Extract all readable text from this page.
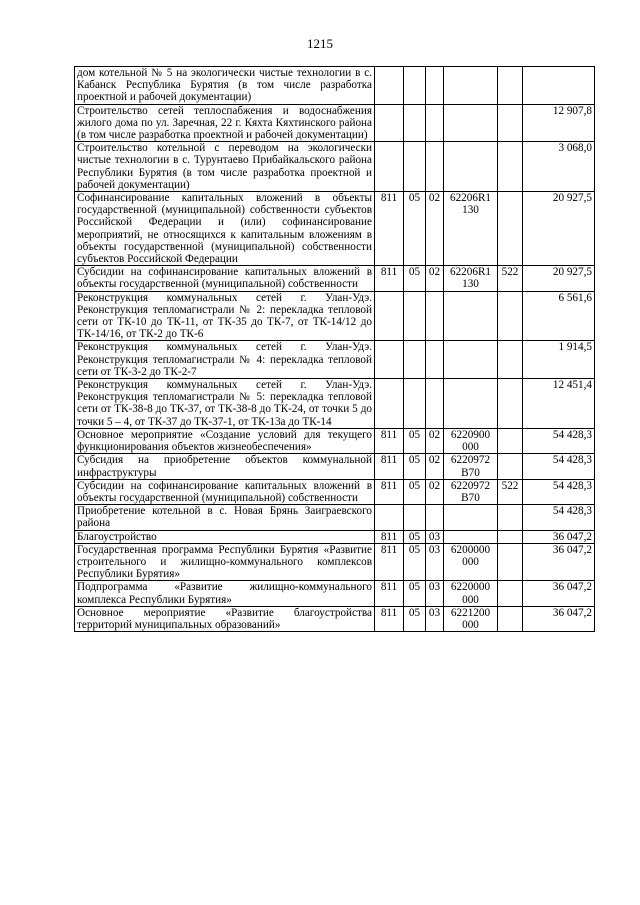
1215
дом котельной № 5 на экологически чистые технологии в с. Кабанск Республика Бурятия (в том числе разработка проектной и рабочей документации)						
Строительство сетей теплоспабжения и водоснабжения жилого дома по ул. Заречная, 22 г. Кяхта Кяхтинского района (в том числе разработка проектной и рабочей документации)						12 907,8
Строительство котельной с переводом на экологически чистые технологии в с. Турунтаево Прибайкальского района Республики Бурятия (в том числе разработка проектной и рабочей документации)						3 068,0
Софинансирование капитальных вложений в объекты государственной (муниципальной) собственности субъектов Российской Федерации и (или) софинансирование мероприятий, не относящихся к капитальным вложениям в объекты государственной (муниципальной) собственности субъектов Российской Федерации	811	05	02	62206R1 130		20 927,5
Субсидии на софинансирование капитальных вложений в объекты государственной (муниципальной) собственности	811	05	02	62206R1 130	522	20 927,5
Реконструкция коммунальных сетей г. Улан-Удэ. Реконструкция тепломагистрали № 2: перекладка тепловой сети от ТК-10 до ТК-11, от ТК-35 до ТК-7, от ТК-14/12 до ТК-14/16, от ТК-2 до ТК-6						6 561,6
Реконструкция коммунальных сетей г. Улан-Удэ. Реконструкция тепломагистрали № 4: перекладка тепловой сети от ТК-3-2 до ТК-2-7						1 914,5
Реконструкция коммунальных сетей г. Улан-Удэ. Реконструкция тепломагистрали № 5: перекладка тепловой сети от ТК-38-8 до ТК-37, от ТК-38-8 до ТК-24, от точки 5 до точки 5 – 4, от ТК-37 до ТК-37-1, от ТК-13а до ТК-14						12 451,4
Основное мероприятие «Создание условий для текущего функционирования объектов жизнеобеспечения»	811	05	02	6220900 000		54 428,3
Субсидия на приобретение объектов коммунальной инфраструктуры	811	05	02	6220972 В70		54 428,3
Субсидии на софинансирование капитальных вложений в объекты государственной (муниципальной) собственности	811	05	02	6220972 В70	522	54 428,3
Приобретение котельной в с. Новая Брянь Заиграевского района						54 428,3
Благоустройство	811	05	03			36 047,2
Государственная программа Республики Бурятия «Развитие строительного и жилищно-коммунального комплексов Республики Бурятия»	811	05	03	6200000 000		36 047,2
Подпрограмма «Развитие жилищно-коммунального комплекса Республики Бурятия»	811	05	03	6220000 000		36 047,2
Основное мероприятие «Развитие благоустройства территорий муниципальных образований»	811	05	03	6221200 000		36 047,2
